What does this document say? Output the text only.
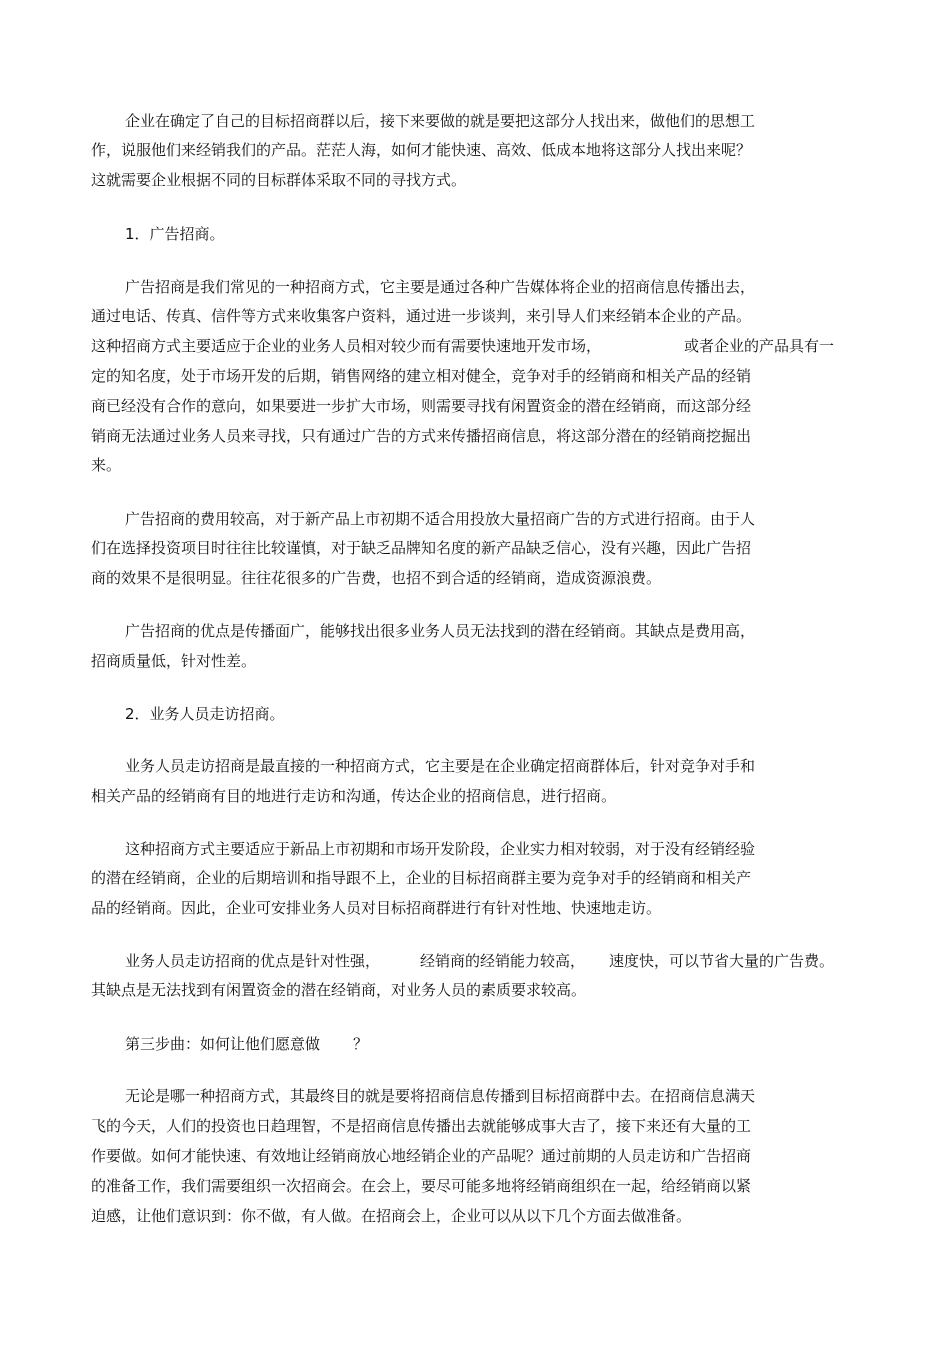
企业在确定了自己的目标招商群以后，接下来要做的就是要把这部分人找出来，做他们的思想工
作，说服他们来经销我们的产品。茫茫人海，如何才能快速、高效、低成本地将这部分人找出来呢？
这就需要企业根据不同的目标群体采取不同的寻找方式。
1．广告招商。
广告招商是我们常见的一种招商方式，它主要是通过各种广告媒体将企业的招商信息传播出去，
通过电话、传真、信件等方式来收集客户资料，通过进一步谈判，来引导人们来经销本企业的产品。
这种招商方式主要适应于企业的业务人员相对较少而有需要快速地开发市场，	或者企业的产品具有一
定的知名度，处于市场开发的后期，销售网络的建立相对健全，竞争对手的经销商和相关产品的经销
商已经没有合作的意向，如果要进一步扩大市场，则需要寻找有闲置资金的潜在经销商，而这部分经
销商无法通过业务人员来寻找，只有通过广告的方式来传播招商信息，将这部分潜在的经销商挖掘出
来。
广告招商的费用较高，对于新产品上市初期不适合用投放大量招商广告的方式进行招商。由于人
们在选择投资项目时往往比较谨慎，对于缺乏品牌知名度的新产品缺乏信心，没有兴趣，因此广告招
商的效果不是很明显。往往花很多的广告费，也招不到合适的经销商，造成资源浪费。
广告招商的优点是传播面广，能够找出很多业务人员无法找到的潜在经销商。其缺点是费用高，
招商质量低，针对性差。
2．业务人员走访招商。
业务人员走访招商是最直接的一种招商方式，它主要是在企业确定招商群体后，针对竞争对手和
相关产品的经销商有目的地进行走访和沟通，传达企业的招商信息，进行招商。
这种招商方式主要适应于新品上市初期和市场开发阶段，企业实力相对较弱，对于没有经销经验
的潜在经销商，企业的后期培训和指导跟不上，企业的目标招商群主要为竞争对手的经销商和相关产
品的经销商。因此，企业可安排业务人员对目标招商群进行有针对性地、快速地走访。
业务人员走访招商的优点是针对性强，	经销商的经销能力较高， 速度快，可以节省大量的广告费。
其缺点是无法找到有闲置资金的潜在经销商，对业务人员的素质要求较高。
第三步曲：如何让他们愿意做 ？
无论是哪一种招商方式，其最终目的就是要将招商信息传播到目标招商群中去。在招商信息满天
飞的今天，人们的投资也日趋理智，不是招商信息传播出去就能够成事大吉了，接下来还有大量的工
作要做。如何才能快速、有效地让经销商放心地经销企业的产品呢？通过前期的人员走访和广告招商
的准备工作，我们需要组织一次招商会。在会上，要尽可能多地将经销商组织在一起，给经销商以紧
迫感，让他们意识到：你不做，有人做。在招商会上，企业可以从以下几个方面去做准备。
